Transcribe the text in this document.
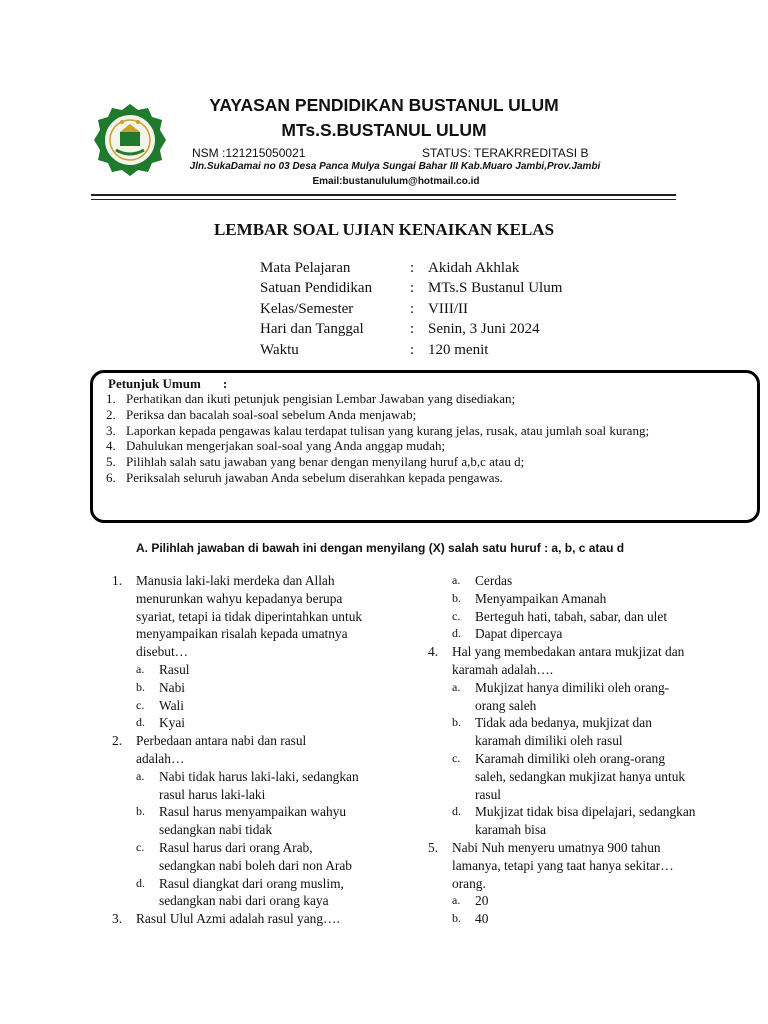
YAYASAN PENDIDIKAN BUSTANUL ULUM
MTs.S.BUSTANUL ULUM
NSM :121215050021	STATUS: TERAKRREDITASI B
Jln.SukaDamai no 03 Desa Panca Mulya Sungai Bahar III Kab.Muaro Jambi,Prov.Jambi
Email:bustanululum@hotmail.co.id
LEMBAR SOAL UJIAN KENAIKAN KELAS
Mata Pelajaran	: Akidah Akhlak
Satuan Pendidikan	: MTs.S Bustanul Ulum
Kelas/Semester	: VIII/II
Hari dan Tanggal	: Senin, 3 Juni 2024
Waktu	: 120 menit
Petunjuk Umum :
1. Perhatikan dan ikuti petunjuk pengisian Lembar Jawaban yang disediakan;
2. Periksa dan bacalah soal-soal sebelum Anda menjawab;
3. Laporkan kepada pengawas kalau terdapat tulisan yang kurang jelas, rusak, atau jumlah soal kurang;
4. Dahulukan mengerjakan soal-soal yang Anda anggap mudah;
5. Pilihlah salah satu jawaban yang benar dengan menyilang huruf a,b,c atau d;
6. Periksalah seluruh jawaban Anda sebelum diserahkan kepada pengawas.
A. Pilihlah jawaban di bawah ini dengan menyilang (X) salah satu huruf : a, b, c atau d
1. Manusia laki-laki merdeka dan Allah menurunkan wahyu kepadanya berupa syariat, tetapi ia tidak diperintahkan untuk menyampaikan risalah kepada umatnya disebut…
a. Rasul
b. Nabi
c. Wali
d. Kyai
2. Perbedaan antara nabi dan rasul adalah…
a. Nabi tidak harus laki-laki, sedangkan rasul harus laki-laki
b. Rasul harus menyampaikan wahyu sedangkan nabi tidak
c. Rasul harus dari orang Arab, sedangkan nabi boleh dari non Arab
d. Rasul diangkat dari orang muslim, sedangkan nabi dari orang kaya
3. Rasul Ulul Azmi adalah rasul yang….
a. Cerdas
b. Menyampaikan Amanah
c. Berteguh hati, tabah, sabar, dan ulet
d. Dapat dipercaya
4. Hal yang membedakan antara mukjizat dan karamah adalah….
a. Mukjizat hanya dimiliki oleh orang-orang saleh
b. Tidak ada bedanya, mukjizat dan karamah dimiliki oleh rasul
c. Karamah dimiliki oleh orang-orang saleh, sedangkan mukjizat hanya untuk rasul
d. Mukjizat tidak bisa dipelajari, sedangkan karamah bisa
5. Nabi Nuh menyeru umatnya 900 tahun lamanya, tetapi yang taat hanya sekitar… orang.
a. 20
b. 40
